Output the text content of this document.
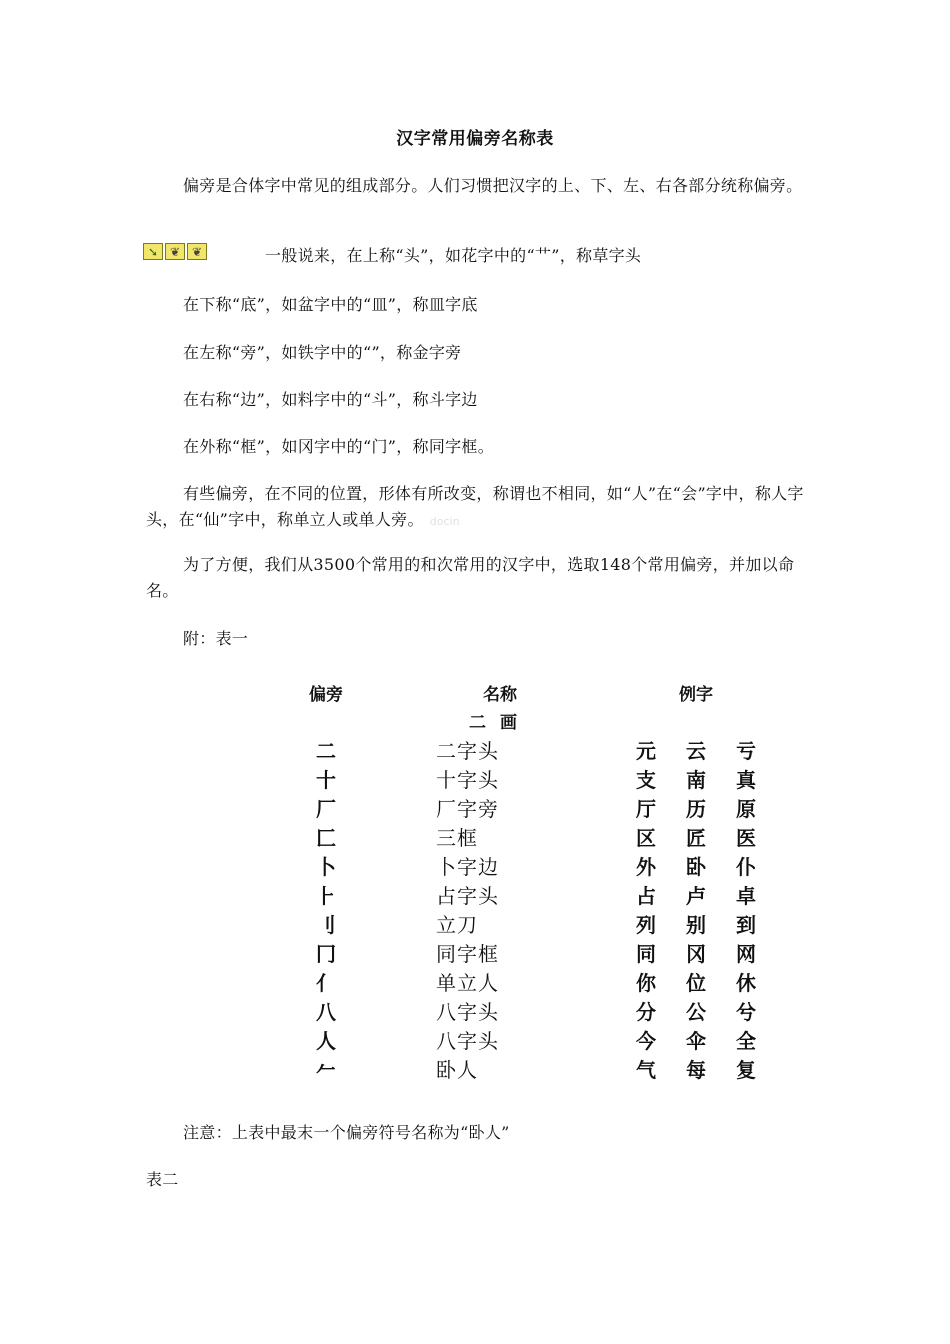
汉字常用偏旁名称表
偏旁是合体字中常见的组成部分。人们习惯把汉字的上、下、左、右各部分统称偏旁。
➘ ❦ ❦	一般说来，在上称“头”，如花字中的“艹”，称草字头
在下称“底”，如盆字中的“皿”，称皿字底
在左称“旁”，如铁字中的“”，称金字旁
在右称“边”，如料字中的“斗”，称斗字边
在外称“框”，如冈字中的“门”，称同字框。
有些偏旁，在不同的位置，形体有所改变，称谓也不相同，如“人”在“会”字中，称人字头，在“仙”字中，称单立人或单人旁。 docin
为了方便，我们从3500个常用的和次常用的汉字中，选取148个常用偏旁，并加以命名。
附：表一
偏旁	名称	例字
	二画	
二	二字头	元 云 亏

十	十字头	支 南 真

厂	厂字旁	厅 历 原

匚	三框	区 匠 医

卜	卜字边	外 卧 仆

⺊	占字头	占 卢 卓

刂	立刀	列 别 到

冂	同字框	同 冈 网

亻	单立人	你 位 休

八	八字头	分 公 兮

人	八字头	今 伞 全

𠂉	卧人	气 每 复
注意：上表中最末一个偏旁符号名称为“卧人”
表二
